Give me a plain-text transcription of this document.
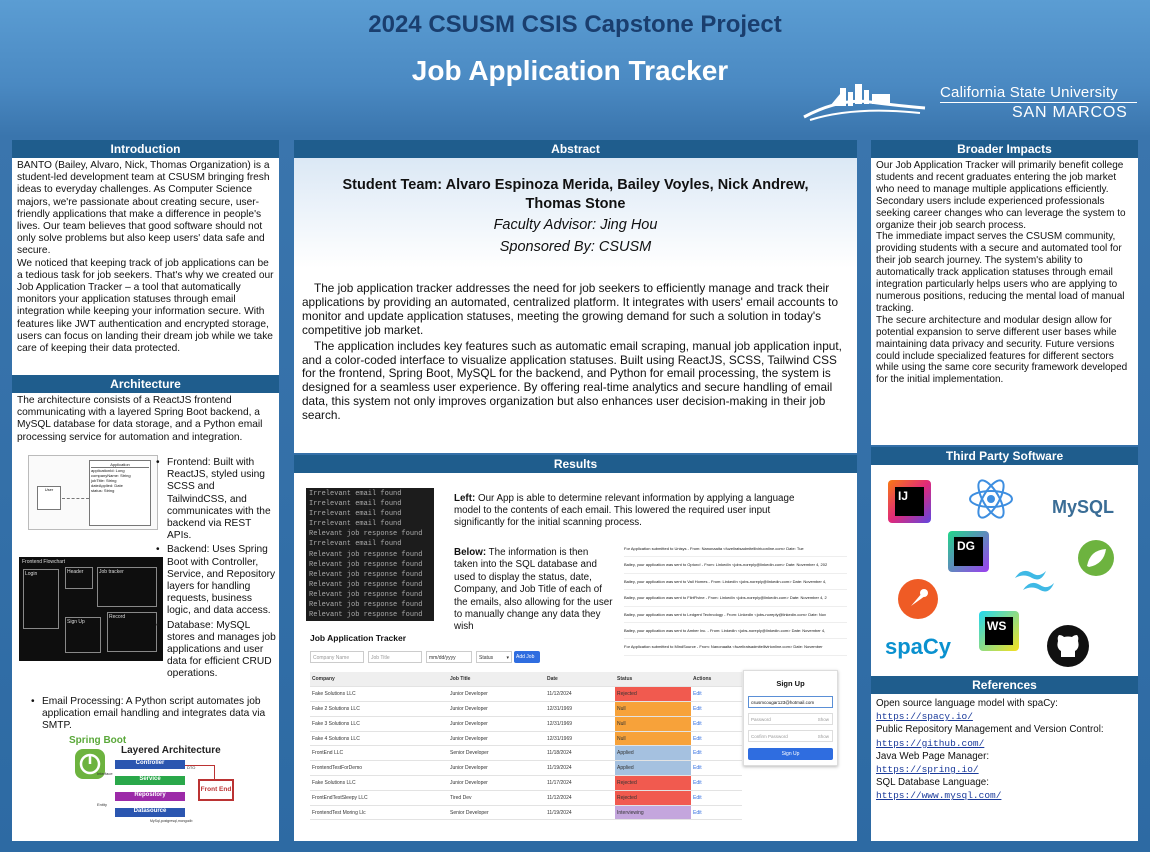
2024 CSUSM CSIS Capstone Project
Job Application Tracker
California State University
SAN MARCOS
Introduction

BANTO (Bailey, Alvaro, Nick, Thomas Organization) is a student-led development team at CSUSM bringing fresh ideas to everyday challenges. As Computer Science majors, we're passionate about creating secure, user-friendly applications that make a difference in people's lives. Our team believes that good software should not only solve problems but also keep users' data safe and secure.

We noticed that keeping track of job applications can be a tedious task for job seekers. That's why we created our Job Application Tracker – a tool that automatically monitors your application statuses through email integration while keeping your information secure. With features like JWT authentication and encrypted storage, users can focus on landing their dream job while we take care of keeping their data protected.

Architecture
The architecture consists of a ReactJS frontend communicating with a layered Spring Boot backend, a MySQL database for data storage, and a Python email processing service for automation and integration.
User
Application
applicationId: Long
companyName: String
jobTitle: String
dateApplied: Date
status: String
Frontend Flowchart
Login	Header	Job tracker
Sign Up
Record
• Frontend: Built with ReactJS, styled using SCSS and TailwindCSS, and communicates with the backend via REST APIs.
• Backend: Uses Spring Boot with Controller, Service, and Repository layers for handling requests, business logic, and data access.
• Database: MySQL stores and manages job applications and user data for efficient CRUD operations.
• Email Processing: A Python script automates job application email handling and integrates data via SMTP.
Spring Boot
Layered Architecture
Controller
Interface
Service
Repository
Entity
Datasource
MySql,postgresql,mongodb
DTO
Front End
Abstract
Student Team: Alvaro Espinoza Merida, Bailey Voyles, Nick Andrew, Thomas Stone
Faculty Advisor: Jing Hou
Sponsored By: CSUSM

The job application tracker addresses the need for job seekers to efficiently manage and track their applications by providing an automated, centralized platform. It integrates with users' email accounts to monitor and update application statuses, meeting the growing demand for such a solution in today's competitive job market.

The application includes key features such as automatic email scraping, manual job application input, and a color-coded interface to visualize application statuses. Built using ReactJS, SCSS, Tailwind CSS for the frontend, Spring Boot, MySQL for the backend, and Python for email processing, the system is designed for a seamless user experience. By offering real-time analytics and secure handling of email data, this system not only improves organization but also enhances user decision-making in their job search.

Results
Irrelevant email found
Irrelevant email found
Irrelevant email found
Irrelevant email found
Relevant job response found
Irrelevant email found
Relevant job response found
Relevant job response found
Relevant job response found
Relevant job response found
Relevant job response found
Relevant job response found
Relevant job response found
Left: Our App is able to determine relevant information by applying a language model to the contents of each email. This lowered the required user input significantly for the initial scanning process.
Below: The information is then taken into the SQL database and used to display the status, date, Company, and Job Title of each of the emails, also allowing for the user to manually change any data they wish
For Application submitted to Unisys - From: Nanonaaita <fuzeliratsadmitelliviriuonline.com> Date: Tue
Bailey, your application was sent to Optoro! - From: LinkedIn <jobs-noreply@linkedin.com> Date: November 4, 202
Bailey, your application was sent to Vail Homes - From: LinkedIn <jobs-noreply@linkedin.com> Date: November 4,
Bailey, your application was sent to FlirtFivine - From: LinkedIn <jobs-noreply@linkedin.com> Date: November 4, 2
Bailey, your application was sent to Ledgent Technology - From: LinkedIn <jobs-noreply@linkedin.com> Date: Nov
Bailey, your application was sent to Amber Inc. - From: LinkedIn <jobs-noreply@linkedin.com> Date: November 4,
For Application submitted to MindSource - From: Nanonaaita <fuzeliratsadmitellivirionline.com> Date: November
Job Application Tracker
Company Name	Job Title	mm/dd/yyyy	Status	▾	Add Job
Company	Job Title	Date	Status	Actions
Fake Solutions LLC	Junior Developer	11/12/2024	Rejected	Edit
Fake 2 Solutions LLC	Junior Developer	12/31/1969	Null	Edit
Fake 3 Solutions LLC	Junior Developer	12/31/1969	Null	Edit
Fake 4 Solutions LLC	Junior Developer	12/31/1969	Null	Edit
FrontEnd LLC	Senior Developer	11/18/2024	Applied	Edit
FrontendTestForDemo	Junior Developer	11/19/2024	Applied	Edit
Fake Solutions LLC	Junior Developer	11/17/2024	Rejected	Edit
FrontEndTestSleepy LLC	Tired Dev	11/12/2024	Rejected	Edit
FrontendTest Moring Llc	Senior Developer	11/19/2024	Interviewing	Edit
Sign Up
csusmcougar123@hotmail.com
Password	Show
Confirm Password	Show
Sign Up
Broader Impacts

Our Job Application Tracker will primarily benefit college students and recent graduates entering the job market who need to manage multiple applications efficiently. Secondary users include experienced professionals seeking career changes who can leverage the system to organize their job search process.

The immediate impact serves the CSUSM community, providing students with a secure and automated tool for their job search journey. The system's ability to automatically track application statuses through email integration particularly helps users who are applying to numerous positions, reducing the mental load of manual tracking.

The secure architecture and modular design allow for potential expansion to serve different user bases while maintaining data privacy and security. Future versions could include specialized features for different sectors while using the same core security framework developed for the initial implementation.

Third Party Software
IJ
MySQL
DG
WS
spaCy
References
Open source language model with spaCy:
https://spacy.io/
Public Repository Management and Version Control:
https://github.com/
Java Web Page Manager:
https://spring.io/
SQL Database Language:
https://www.mysql.com/
